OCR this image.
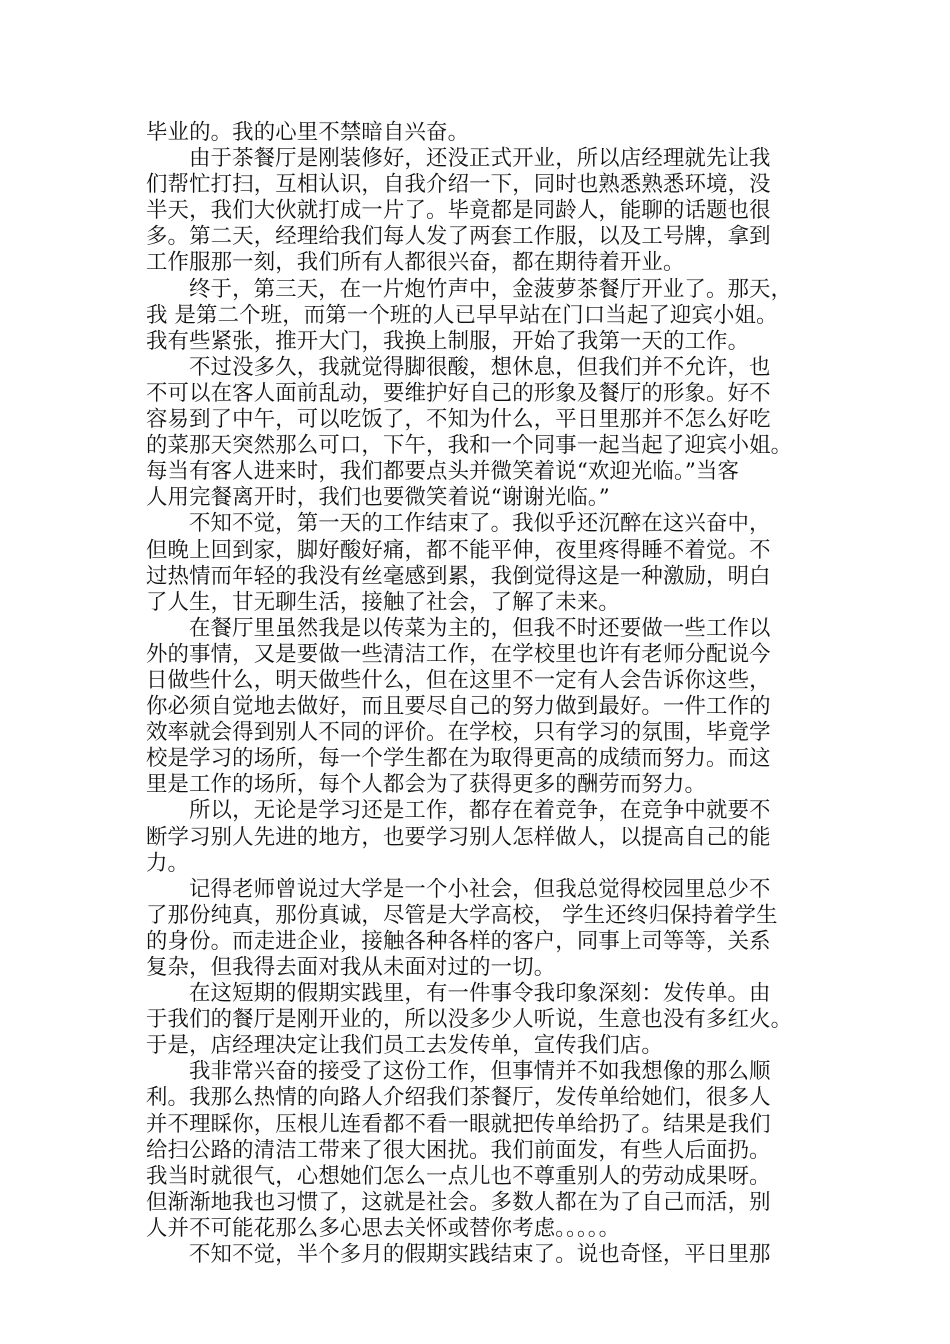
毕业的。我的心里不禁暗自兴奋。
由于茶餐厅是刚装修好，还没正式开业，所以店经理就先让我
们帮忙打扫，互相认识，自我介绍一下，同时也熟悉熟悉环境，没
半天，我们大伙就打成一片了。毕竟都是同龄人，能聊的话题也很
多。第二天，经理给我们每人发了两套工作服，以及工号牌，拿到
工作服那一刻，我们所有人都很兴奋，都在期待着开业。
终于，第三天，在一片炮竹声中，金菠萝茶餐厅开业了。那天，
我 是第二个班，而第一个班的人已早早站在门口当起了迎宾小姐。
我有些紧张，推开大门，我换上制服，开始了我第一天的工作。
不过没多久，我就觉得脚很酸，想休息，但我们并不允许，也
不可以在客人面前乱动，要维护好自己的形象及餐厅的形象。好不
容易到了中午，可以吃饭了，不知为什么，平日里那并不怎么好吃
的菜那天突然那么可口，下午，我和一个同事一起当起了迎宾小姐。
每当有客人进来时，我们都要点头并微笑着说“欢迎光临。”当客
人用完餐离开时，我们也要微笑着说“谢谢光临。”
不知不觉，第一天的工作结束了。我似乎还沉醉在这兴奋中，
但晚上回到家，脚好酸好痛，都不能平伸，夜里疼得睡不着觉。不
过热情而年轻的我没有丝毫感到累，我倒觉得这是一种激励，明白
了人生，甘无聊生活，接触了社会，了解了未来。
在餐厅里虽然我是以传菜为主的，但我不时还要做一些工作以
外的事情，又是要做一些清洁工作，在学校里也许有老师分配说今
日做些什么，明天做些什么，但在这里不一定有人会告诉你这些，
你必须自觉地去做好，而且要尽自己的努力做到最好。一件工作的
效率就会得到别人不同的评价。在学校，只有学习的氛围，毕竟学
校是学习的场所，每一个学生都在为取得更高的成绩而努力。而这
里是工作的场所，每个人都会为了获得更多的酬劳而努力。
所以，无论是学习还是工作，都存在着竞争，在竞争中就要不
断学习别人先进的地方，也要学习别人怎样做人，以提高自己的能
力。
记得老师曾说过大学是一个小社会，但我总觉得校园里总少不
了那份纯真，那份真诚，尽管是大学高校， 学生还终归保持着学生
的身份。而走进企业，接触各种各样的客户，同事上司等等，关系
复杂，但我得去面对我从未面对过的一切。
在这短期的假期实践里，有一件事令我印象深刻：发传单。由
于我们的餐厅是刚开业的，所以没多少人听说，生意也没有多红火。
于是，店经理决定让我们员工去发传单，宣传我们店。
我非常兴奋的接受了这份工作，但事情并不如我想像的那么顺
利。我那么热情的向路人介绍我们茶餐厅，发传单给她们，很多人
并不理睬你，压根儿连看都不看一眼就把传单给扔了。结果是我们
给扫公路的清洁工带来了很大困扰。我们前面发，有些人后面扔。
我当时就很气，心想她们怎么一点儿也不尊重别人的劳动成果呀。
但渐渐地我也习惯了，这就是社会。多数人都在为了自己而活，别
人并不可能花那么多心思去关怀或替你考虑。。。。。
不知不觉，半个多月的假期实践结束了。说也奇怪，平日里那
